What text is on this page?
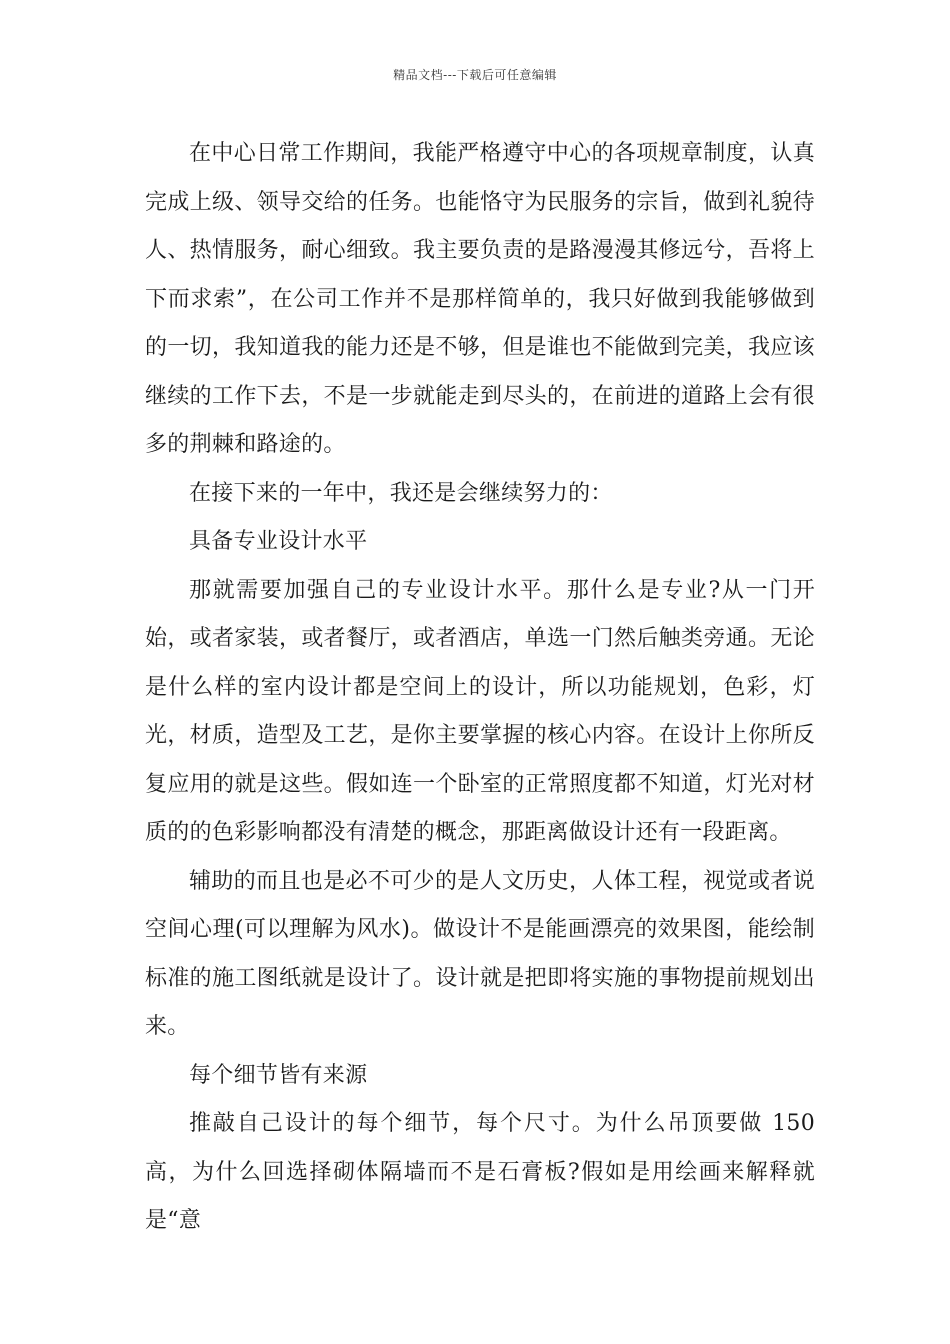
精品文档---下载后可任意编辑

在中心日常工作期间，我能严格遵守中心的各项规章制度，认真完成上级、领导交给的任务。也能恪守为民服务的宗旨，做到礼貌待人、热情服务，耐心细致。我主要负责的是路漫漫其修远兮，吾将上下而求索”，在公司工作并不是那样简单的，我只好做到我能够做到的一切，我知道我的能力还是不够，但是谁也不能做到完美，我应该继续的工作下去，不是一步就能走到尽头的，在前进的道路上会有很多的荆棘和路途的。

在接下来的一年中，我还是会继续努力的：

具备专业设计水平

那就需要加强自己的专业设计水平。那什么是专业?从一门开始，或者家装，或者餐厅，或者酒店，单选一门然后触类旁通。无论是什么样的室内设计都是空间上的设计，所以功能规划，色彩，灯光，材质，造型及工艺，是你主要掌握的核心内容。在设计上你所反复应用的就是这些。假如连一个卧室的正常照度都不知道，灯光对材质的的色彩影响都没有清楚的概念，那距离做设计还有一段距离。

辅助的而且也是必不可少的是人文历史，人体工程，视觉或者说空间心理(可以理解为风水)。做设计不是能画漂亮的效果图，能绘制标准的施工图纸就是设计了。设计就是把即将实施的事物提前规划出来。

每个细节皆有来源

推敲自己设计的每个细节，每个尺寸。为什么吊顶要做 150 高，为什么回选择砌体隔墙而不是石膏板?假如是用绘画来解释就是“意
